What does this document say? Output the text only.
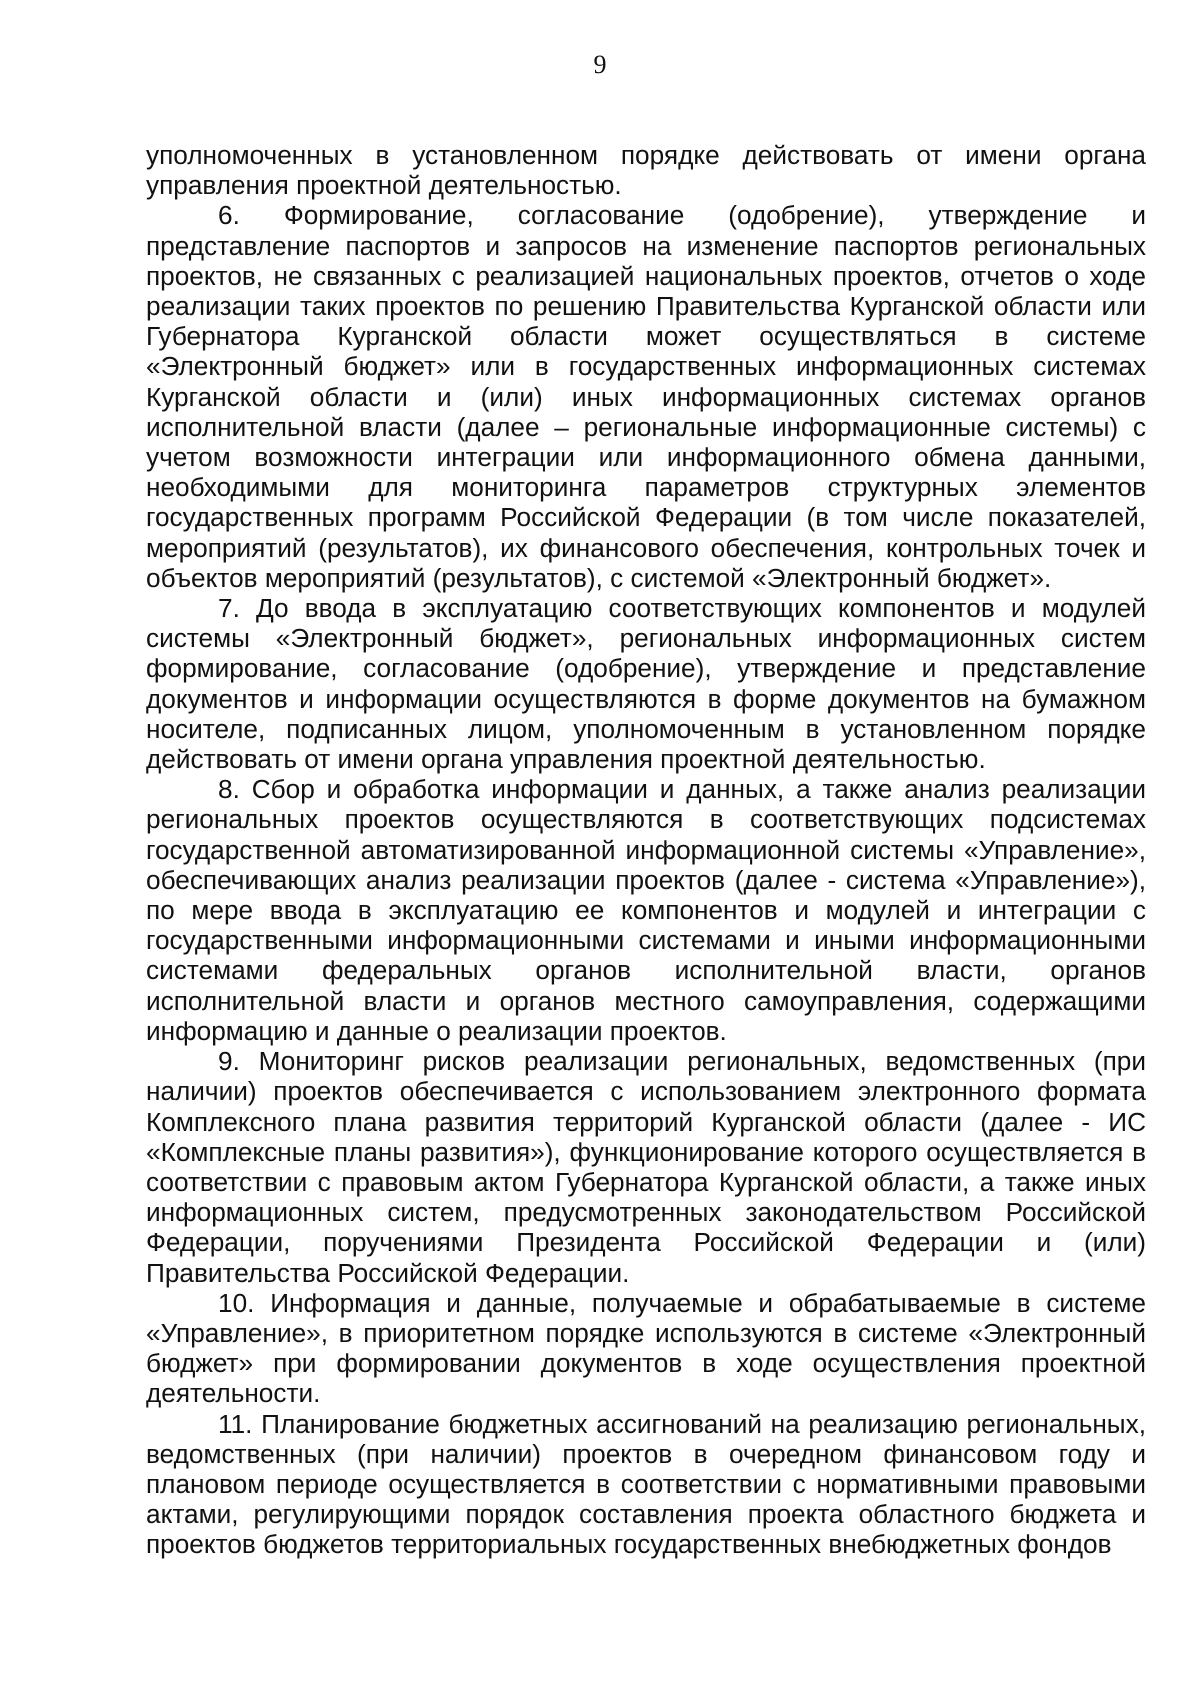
9

уполномоченных в установленном порядке действовать от имени органа управления проектной деятельностью.

6. Формирование, согласование (одобрение), утверждение и представление паспортов и запросов на изменение паспортов региональных проектов, не связанных с реализацией национальных проектов, отчетов о ходе реализации таких проектов по решению Правительства Курганской области или Губернатора Курганской области может осуществляться в системе «Электронный бюджет» или в государственных информационных системах Курганской области и (или) иных информационных системах органов исполнительной власти (далее – региональные информационные системы) с учетом возможности интеграции или информационного обмена данными, необходимыми для мониторинга параметров структурных элементов государственных программ Российской Федерации (в том числе показателей, мероприятий (результатов), их финансового обеспечения, контрольных точек и объектов мероприятий (результатов), с системой «Электронный бюджет».

7. До ввода в эксплуатацию соответствующих компонентов и модулей системы «Электронный бюджет», региональных информационных систем формирование, согласование (одобрение), утверждение и представление документов и информации осуществляются в форме документов на бумажном носителе, подписанных лицом, уполномоченным в установленном порядке действовать от имени органа управления проектной деятельностью.

8. Сбор и обработка информации и данных, а также анализ реализации региональных проектов осуществляются в соответствующих подсистемах государственной автоматизированной информационной системы «Управление», обеспечивающих анализ реализации проектов (далее - система «Управление»), по мере ввода в эксплуатацию ее компонентов и модулей и интеграции с государственными информационными системами и иными информационными системами федеральных органов исполнительной власти, органов исполнительной власти и органов местного самоуправления, содержащими информацию и данные о реализации проектов.

9. Мониторинг рисков реализации региональных, ведомственных (при наличии) проектов обеспечивается с использованием электронного формата Комплексного плана развития территорий Курганской области (далее - ИС «Комплексные планы развития»), функционирование которого осуществляется в соответствии с правовым актом Губернатора Курганской области, а также иных информационных систем, предусмотренных законодательством Российской Федерации, поручениями Президента Российской Федерации и (или) Правительства Российской Федерации.

10. Информация и данные, получаемые и обрабатываемые в системе «Управление», в приоритетном порядке используются в системе «Электронный бюджет» при формировании документов в ходе осуществления проектной деятельности.

11. Планирование бюджетных ассигнований на реализацию региональных, ведомственных (при наличии) проектов в очередном финансовом году и плановом периоде осуществляется в соответствии с нормативными правовыми актами, регулирующими порядок составления проекта областного бюджета и проектов бюджетов территориальных государственных внебюджетных фондов
